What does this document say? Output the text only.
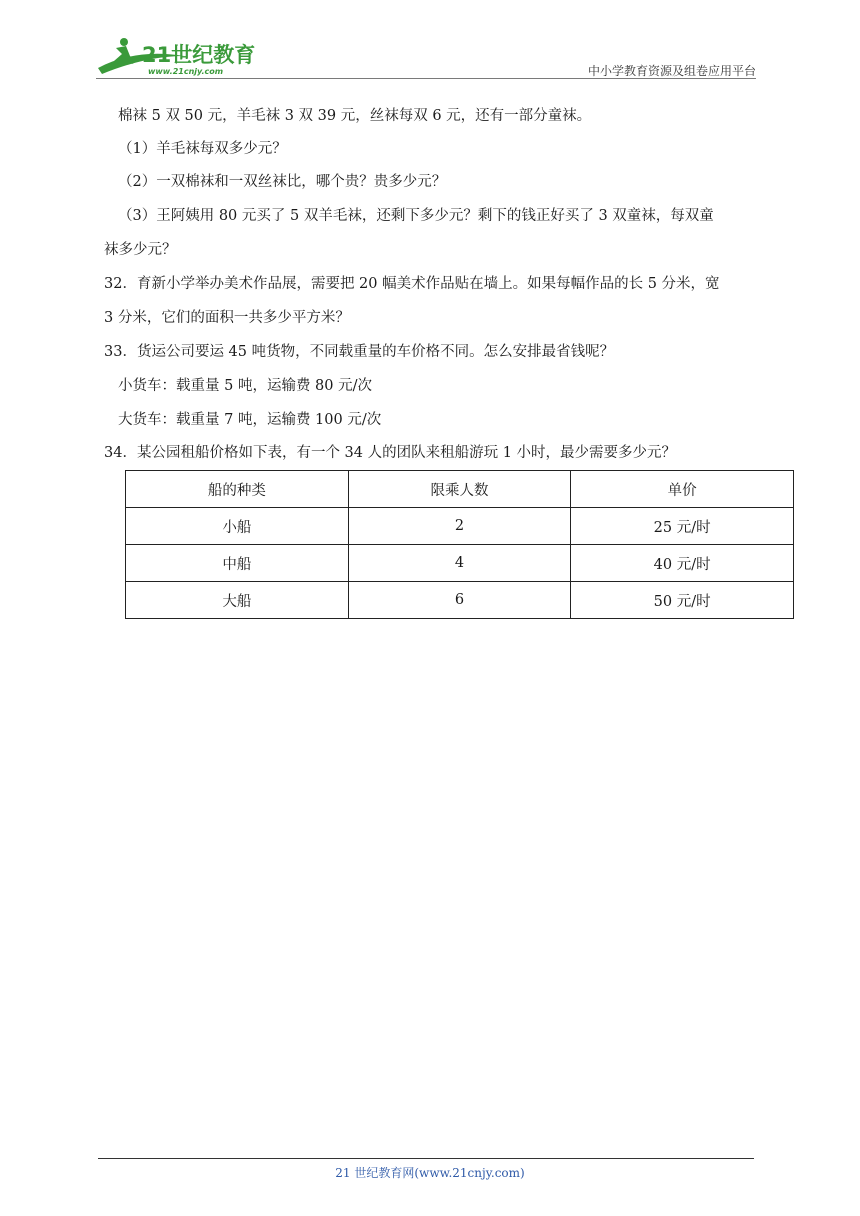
21世纪教育
www.21cnjy.com	中小学教育资源及组卷应用平台
棉袜 5 双 50 元，羊毛袜 3 双 39 元，丝袜每双 6 元，还有一部分童袜。
（1）羊毛袜每双多少元？
（2）一双棉袜和一双丝袜比，哪个贵？贵多少元？
（3）王阿姨用 80 元买了 5 双羊毛袜，还剩下多少元？剩下的钱正好买了 3 双童袜，每双童
袜多少元？
32．育新小学举办美术作品展，需要把 20 幅美术作品贴在墙上。如果每幅作品的长 5 分米，宽
3 分米，它们的面积一共多少平方米？
33．货运公司要运 45 吨货物，不同载重量的车价格不同。怎么安排最省钱呢？
小货车：载重量 5 吨，运输费 80 元/次
大货车：载重量 7 吨，运输费 100 元/次
34．某公园租船价格如下表，有一个 34 人的团队来租船游玩 1 小时，最少需要多少元？
船的种类	限乘人数	单价
小船	2	25 元/时
中船	4	40 元/时
大船	6	50 元/时
21 世纪教育网(www.21cnjy.com)
